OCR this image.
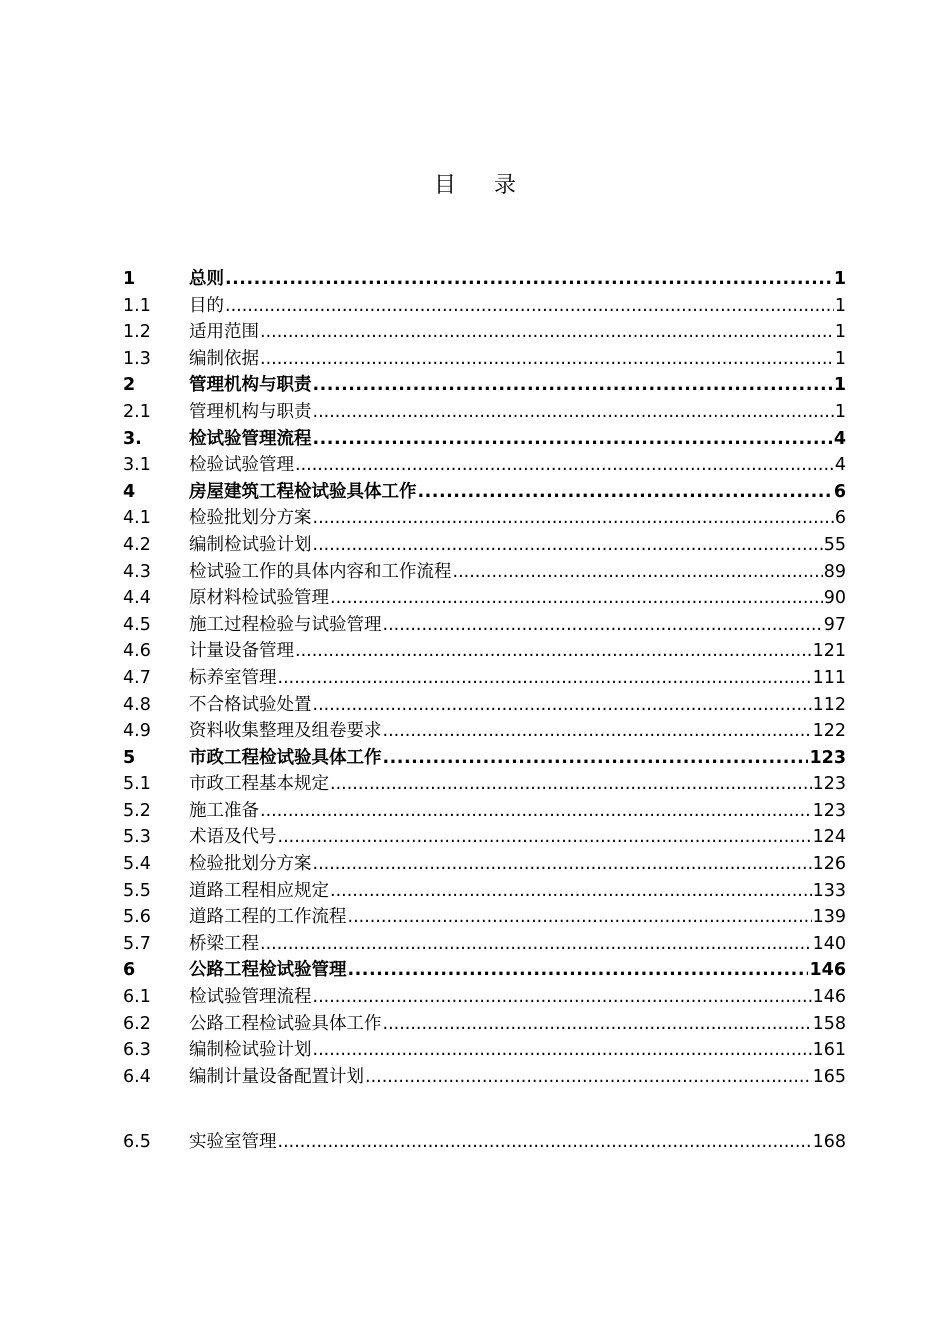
目 录
1	总则 .....	1
1.1	目的 .....	1
1.2	适用范围 .....	1
1.3	编制依据 .....	1
2	管理机构与职责 .....	1
2.1	管理机构与职责 .....	1
3.	检试验管理流程 .....	4
3.1	检验试验管理 .....	4
4	房屋建筑工程检试验具体工作 .....	6
4.1	检验批划分方案 .....	6
4.2	编制检试验计划 .....	55
4.3	检试验工作的具体内容和工作流程 .....	89
4.4	原材料检试验管理 .....	90
4.5	施工过程检验与试验管理 .....	97
4.6	计量设备管理 .....	121
4.7	标养室管理 .....	111
4.8	不合格试验处置 .....	112
4.9	资料收集整理及组卷要求 .....	122
5	市政工程检试验具体工作 .....	123
5.1	市政工程基本规定 .....	123
5.2	施工准备 .....	123
5.3	术语及代号 .....	124
5.4	检验批划分方案 .....	126
5.5	道路工程相应规定 .....	133
5.6	道路工程的工作流程 .....	139
5.7	桥梁工程 .....	140
6	公路工程检试验管理 .....	146
6.1	检试验管理流程 .....	146
6.2	公路工程检试验具体工作 .....	158
6.3	编制检试验计划 .....	161
6.4	编制计量设备配置计划 .....	165
6.5	实验室管理 .....	168
